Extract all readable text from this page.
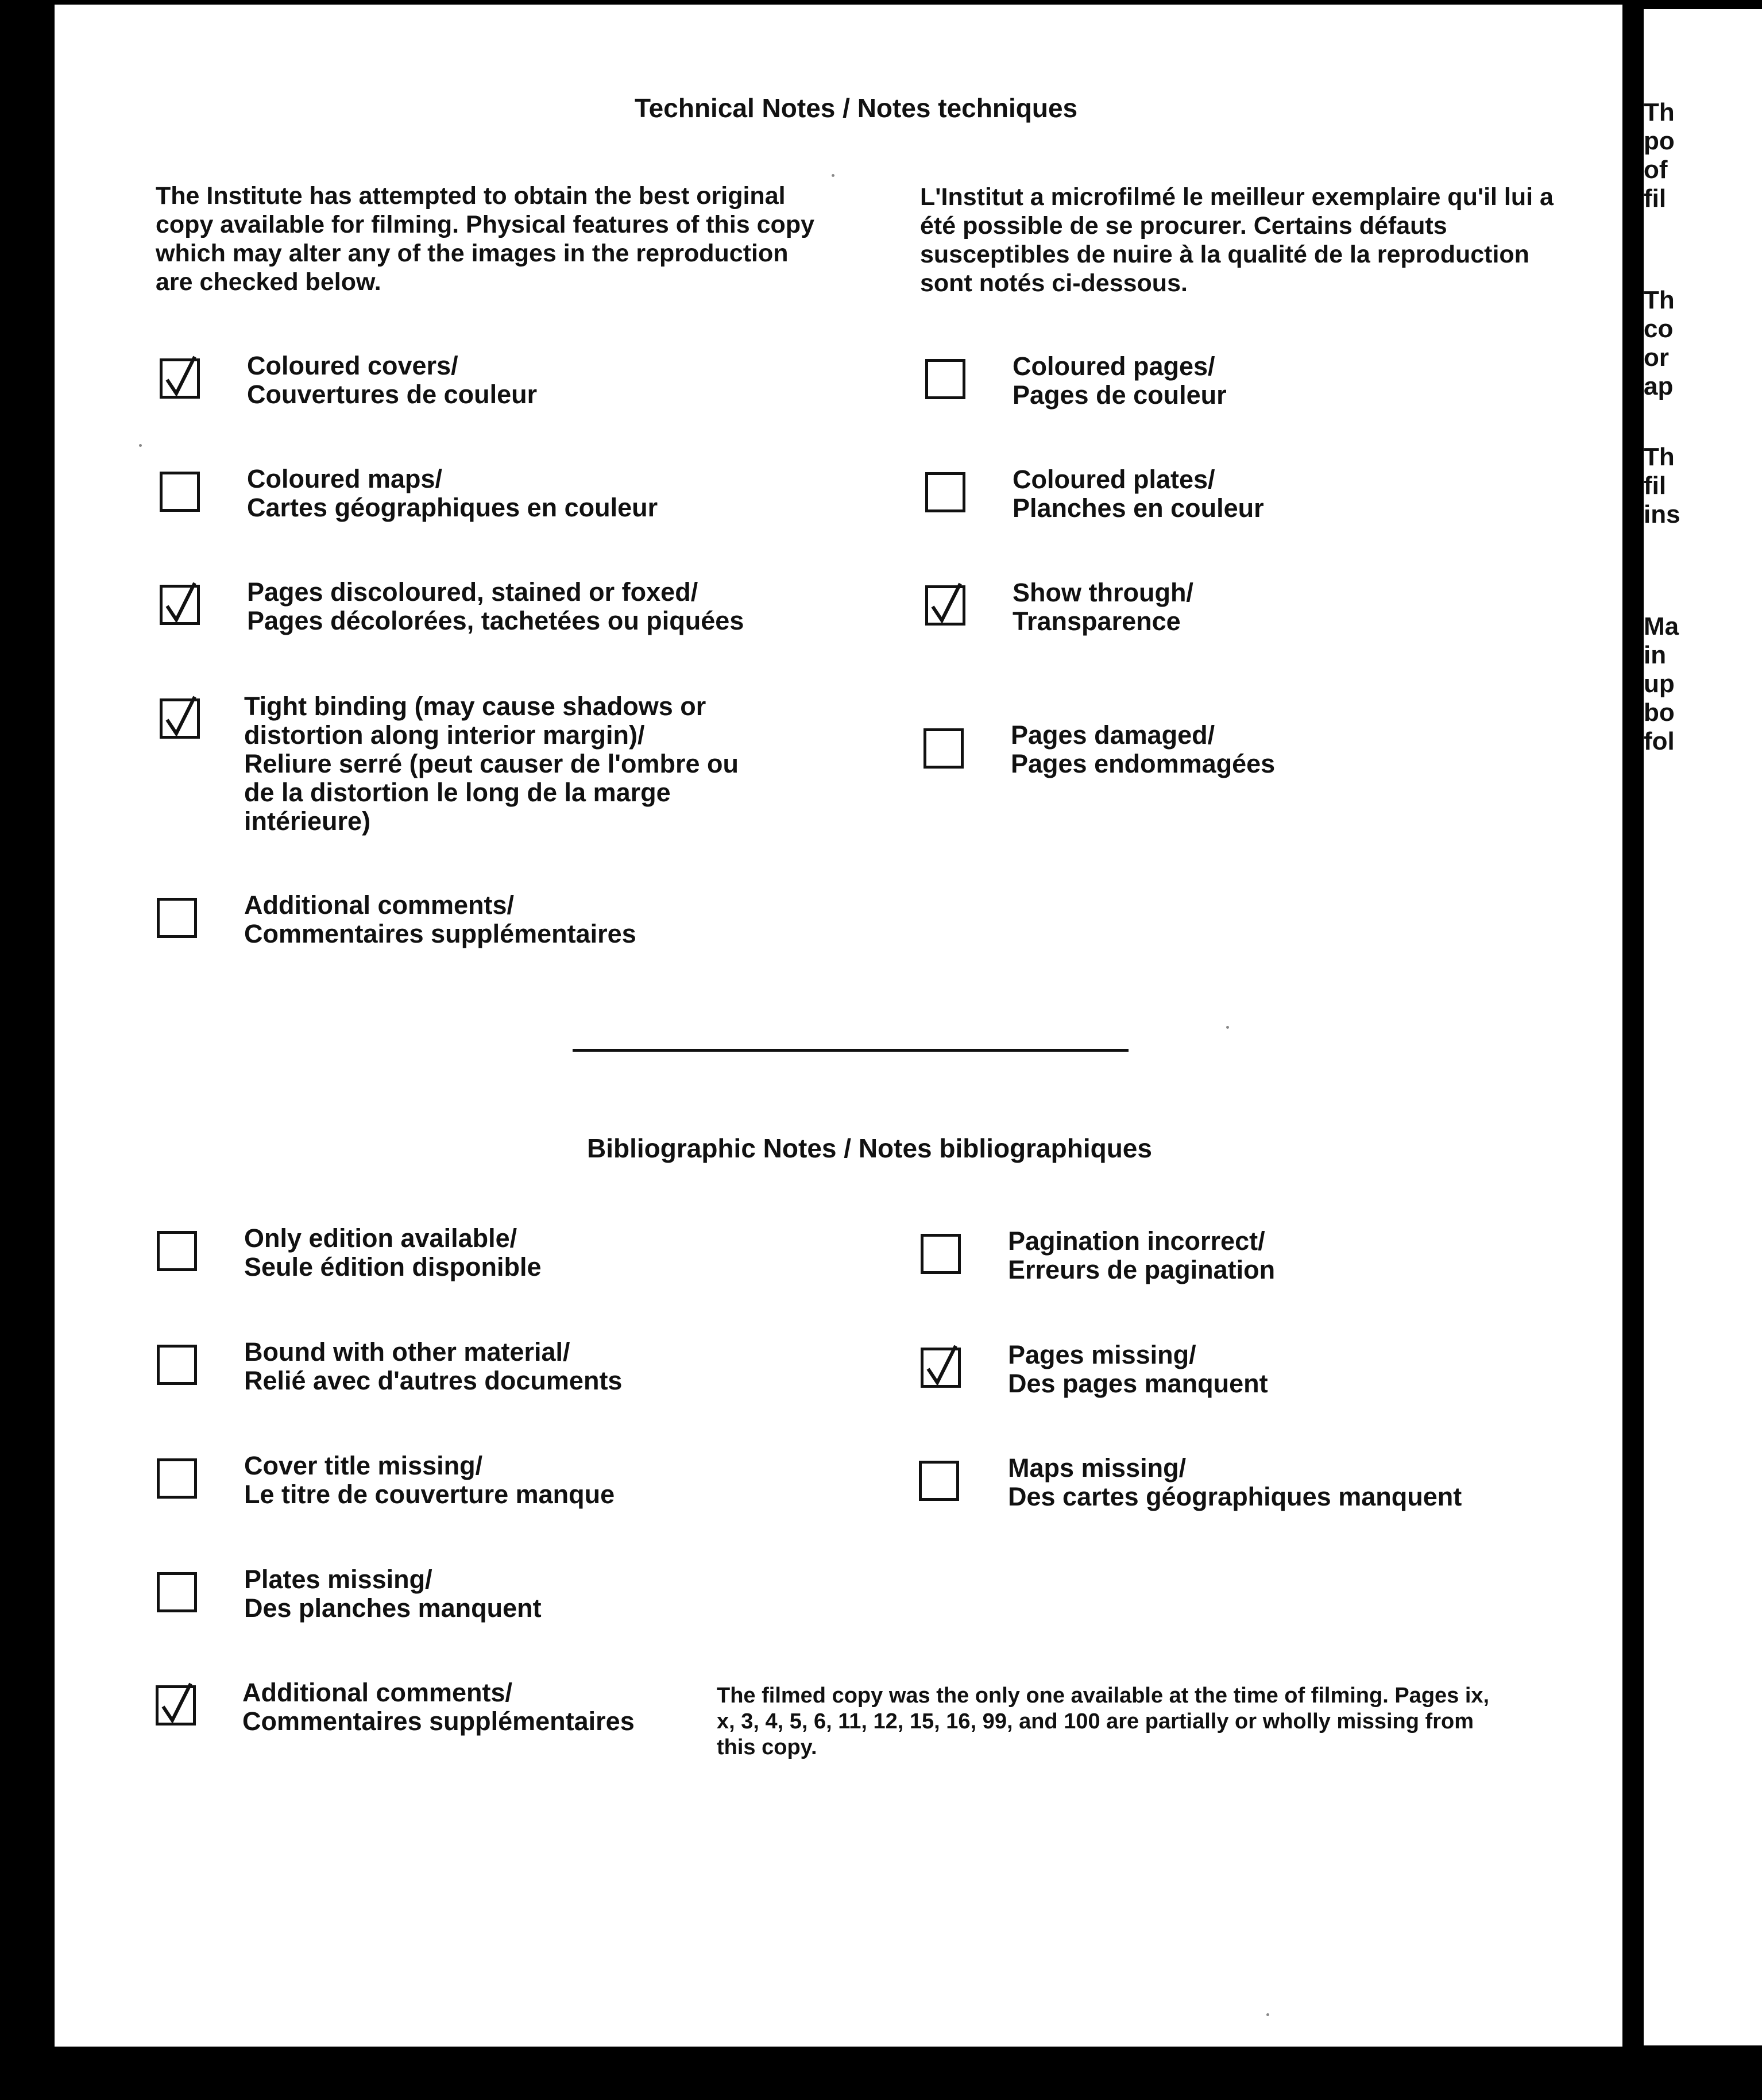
Technical Notes / Notes techniques
The Institute has attempted to obtain the best original copy available for filming. Physical features of this copy which may alter any of the images in the reproduction are checked below.
L'Institut a microfilmé le meilleur exemplaire qu'il lui a été possible de se procurer. Certains défauts susceptibles de nuire à la qualité de la reproduction sont notés ci-dessous.
Coloured covers/
Couvertures de couleur
Coloured maps/
Cartes géographiques en couleur
Pages discoloured, stained or foxed/
Pages décolorées, tachetées ou piquées
Tight binding (may cause shadows or
distortion along interior margin)/
Reliure serré (peut causer de l'ombre ou
de la distortion le long de la marge
intérieure)
Additional comments/
Commentaires supplémentaires
Coloured pages/
Pages de couleur
Coloured plates/
Planches en couleur
Show through/
Transparence
Pages damaged/
Pages endommagées
Bibliographic Notes / Notes bibliographiques
Only edition available/
Seule édition disponible
Bound with other material/
Relié avec d'autres documents
Cover title missing/
Le titre de couverture manque
Plates missing/
Des planches manquent
Additional comments/
Commentaires supplémentaires
Pagination incorrect/
Erreurs de pagination
Pages missing/
Des pages manquent
Maps missing/
Des cartes géographiques manquent
The filmed copy was the only one available at the time of filming. Pages ix, x, 3, 4, 5, 6, 11, 12, 15, 16, 99, and 100 are partially or wholly missing from this copy.
Th
po
of
fil
Th
co
or
ap
Th
fil
ins
Ma
in
up
bo
fol
